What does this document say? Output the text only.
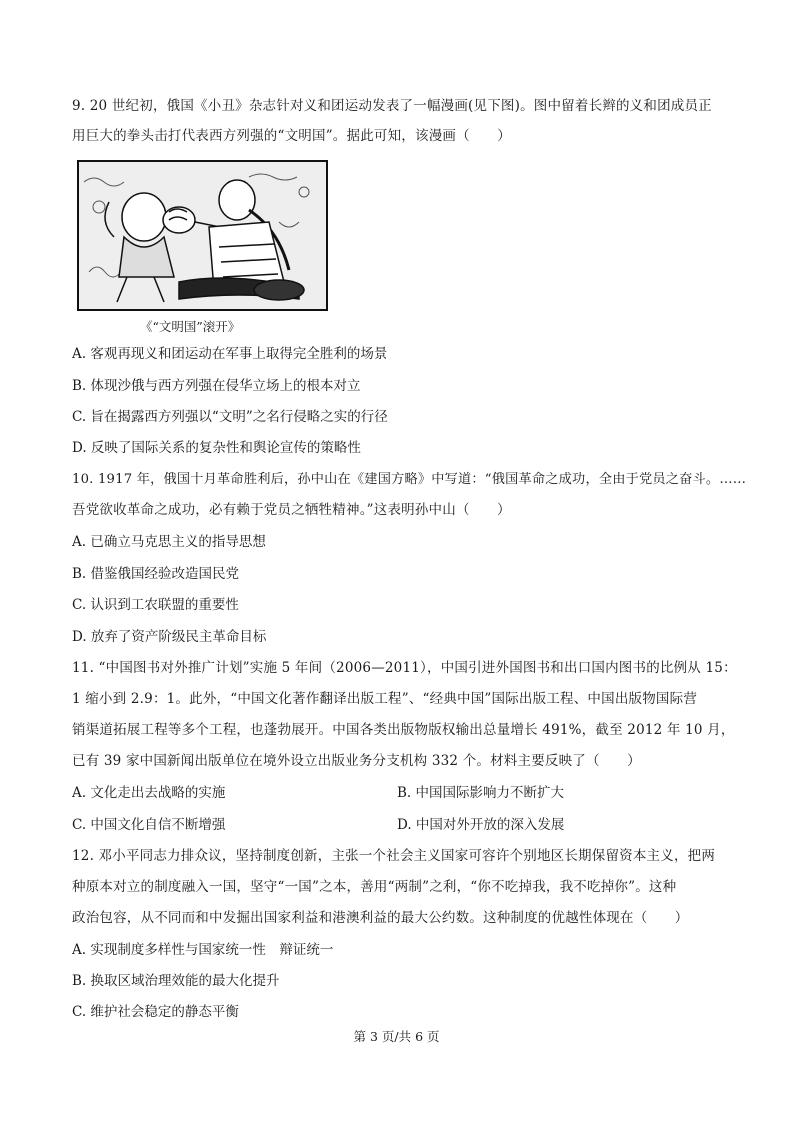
9. 20 世纪初，俄国《小丑》杂志针对义和团运动发表了一幅漫画(见下图)。图中留着长辫的义和团成员正
用巨大的拳头击打代表西方列强的“文明国”。据此可知，该漫画（　　）
《“文明国”滚开》
A. 客观再现义和团运动在军事上取得完全胜利的场景
B. 体现沙俄与西方列强在侵华立场上的根本对立
C. 旨在揭露西方列强以“文明”之名行侵略之实的行径
D. 反映了国际关系的复杂性和舆论宣传的策略性
10. 1917 年，俄国十月革命胜利后，孙中山在《建国方略》中写道：“俄国革命之成功，全由于党员之奋斗。……
吾党欲收革命之成功，必有赖于党员之牺牲精神。”这表明孙中山（　　）
A. 已确立马克思主义的指导思想
B. 借鉴俄国经验改造国民党
C. 认识到工农联盟的重要性
D. 放弃了资产阶级民主革命目标
11. “中国图书对外推广计划”实施 5 年间（2006—2011），中国引进外国图书和出口国内图书的比例从 15：
1 缩小到 2.9：1。此外，“中国文化著作翻译出版工程”、“经典中国”国际出版工程、中国出版物国际营
销渠道拓展工程等多个工程，也蓬勃展开。中国各类出版物版权输出总量增长 491%，截至 2012 年 10 月，
已有 39 家中国新闻出版单位在境外设立出版业务分支机构 332 个。材料主要反映了（　　）
A. 文化走出去战略的实施	B. 中国国际影响力不断扩大
C. 中国文化自信不断增强	D. 中国对外开放的深入发展
12. 邓小平同志力排众议，坚持制度创新，主张一个社会主义国家可容许个别地区长期保留资本主义，把两
种原本对立的制度融入一国，坚守“一国”之本，善用“两制”之利，“你不吃掉我，我不吃掉你”。这种
政治包容，从不同而和中发掘出国家利益和港澳利益的最大公约数。这种制度的优越性体现在（　　）
A. 实现制度多样性与国家统一性　辩证统一
B. 换取区域治理效能的最大化提升
C. 维护社会稳定的静态平衡
第 3 页/共 6 页
